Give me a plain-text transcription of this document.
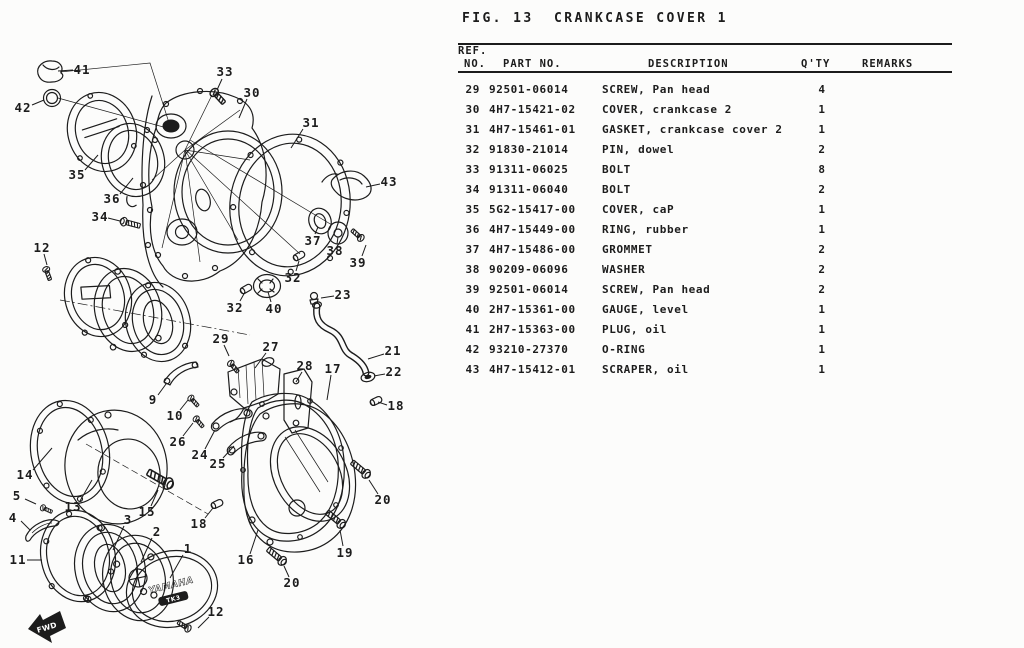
YAMAHA
TK3
FWD
41
42
35
36
34
12
33
30
31
43
37
38
39
32
32 40
23
21
22
18
29
27
28 17
9
10
26
24
25
14
13	15
5
4
11
3
2
1
18
16
20
19
20
12
FIG. 13  CRANKCASE COVER 1
REF.
NO. PART NO.	DESCRIPTION	Q'TY	REMARKS
29 92501-06014	SCREW, Pan head	4
30 4H7-15421-02	COVER, crankcase 2	1
31 4H7-15461-01	GASKET, crankcase cover 2	1
32 91830-21014	PIN, dowel	2
33 91311-06025	BOLT	8
34 91311-06040	BOLT	2
35 5G2-15417-00	COVER, caP	1
36 4H7-15449-00	RING, rubber	1
37 4H7-15486-00	GROMMET	2
38 90209-06096	WASHER	2
39 92501-06014	SCREW, Pan head	2
40 2H7-15361-00	GAUGE, level	1
41 2H7-15363-00	PLUG, oil	1
42 93210-27370	O-RING	1
43 4H7-15412-01	SCRAPER, oil	1
